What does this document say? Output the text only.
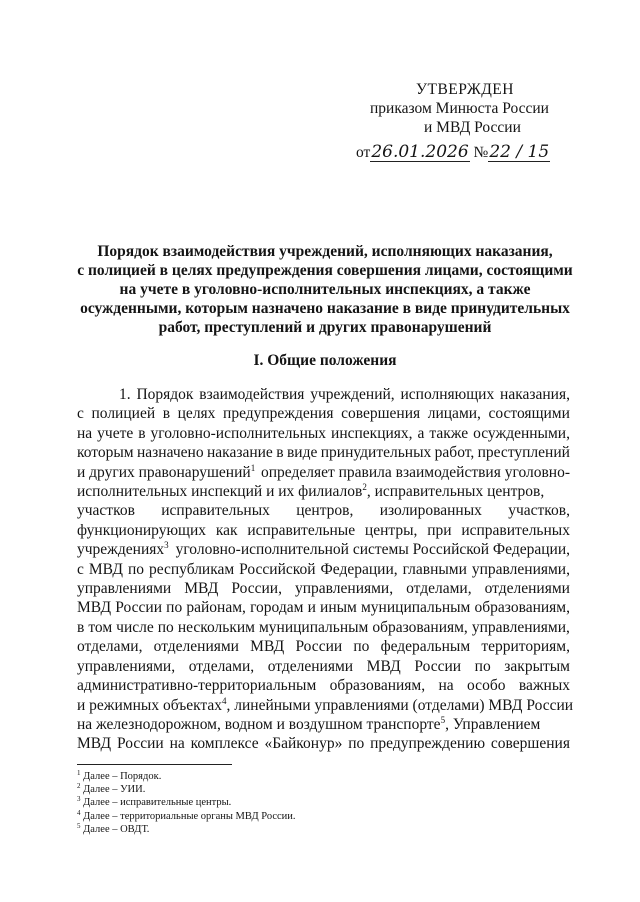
УТВЕРЖДЕН
приказом Минюста России
и МВД России
от26.01.2026 №22 / 15
Порядок взаимодействия учреждений, исполняющих наказания,
с полицией в целях предупреждения совершения лицами, состоящими
на учете в уголовно-исполнительных инспекциях, а также
осужденными, которым назначено наказание в виде принудительных
работ, преступлений и других правонарушений
I. Общие положения
1. Порядок взаимодействия учреждений, исполняющих наказания,
с полицией в целях предупреждения совершения лицами, состоящими
на учете в уголовно-исполнительных инспекциях, а также осужденными,
которым назначено наказание в виде принудительных работ, преступлений
и других правонарушений$^1$ определяет правила взаимодействия уголовно-
исполнительных инспекций и их филиалов$^2$, исправительных центров,
участков исправительных центров, изолированных участков,
функционирующих как исправительные центры, при исправительных
учреждениях$^3$ уголовно-исполнительной системы Российской Федерации,
с МВД по республикам Российской Федерации, главными управлениями,
управлениями МВД России, управлениями, отделами, отделениями
МВД России по районам, городам и иным муниципальным образованиям,
в том числе по нескольким муниципальным образованиям, управлениями,
отделами, отделениями МВД России по федеральным территориям,
управлениями, отделами, отделениями МВД России по закрытым
административно-территориальным образованиям, на особо важных
и режимных объектах$^4$, линейными управлениями (отделами) МВД России
на железнодорожном, водном и воздушном транспорте$^5$, Управлением
МВД России на комплексе «Байконур» по предупреждению совершения
$^1$ Далее – Порядок.
$^2$ Далее – УИИ.
$^3$ Далее – исправительные центры.
$^4$ Далее – территориальные органы МВД России.
$^5$ Далее – ОВДТ.
